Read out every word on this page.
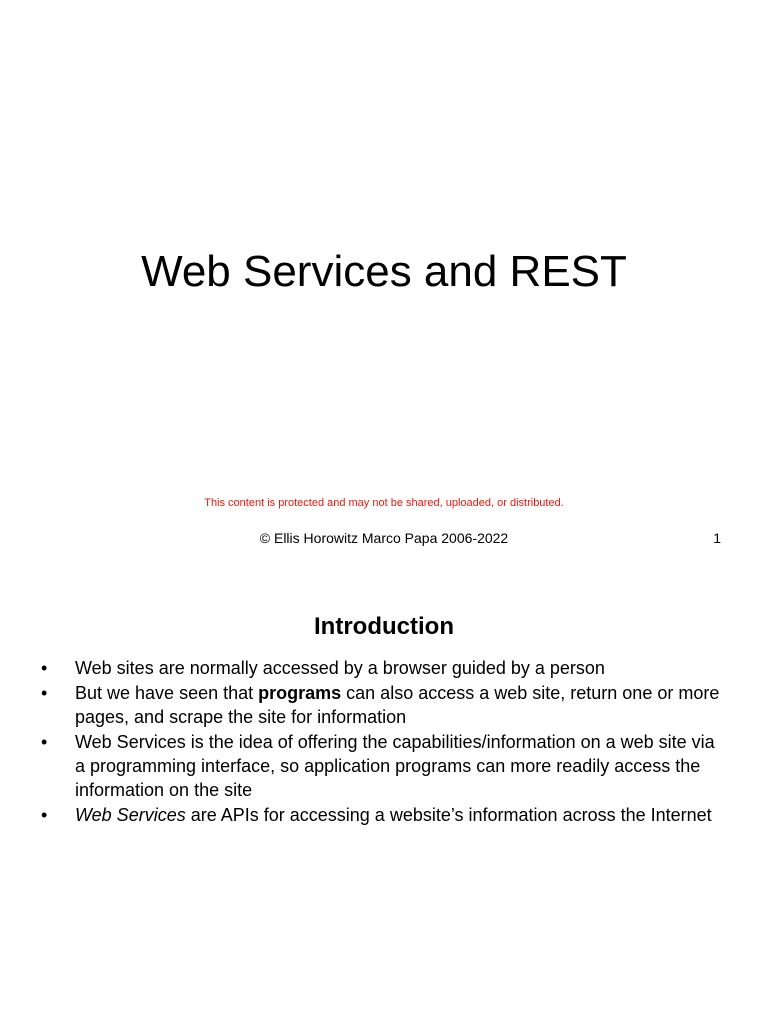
Web Services and REST
This content is protected and may not be shared, uploaded, or distributed.
© Ellis Horowitz Marco Papa 2006-2022	1
Introduction
• Web sites are normally accessed by a browser guided by a person
• But we have seen that programs can also access a web site, return one or more pages, and scrape the site for information
• Web Services is the idea of offering the capabilities/information on a web site via a programming interface, so application programs can more readily access the information on the site
• Web Services are APIs for accessing a website’s information across the Internet
